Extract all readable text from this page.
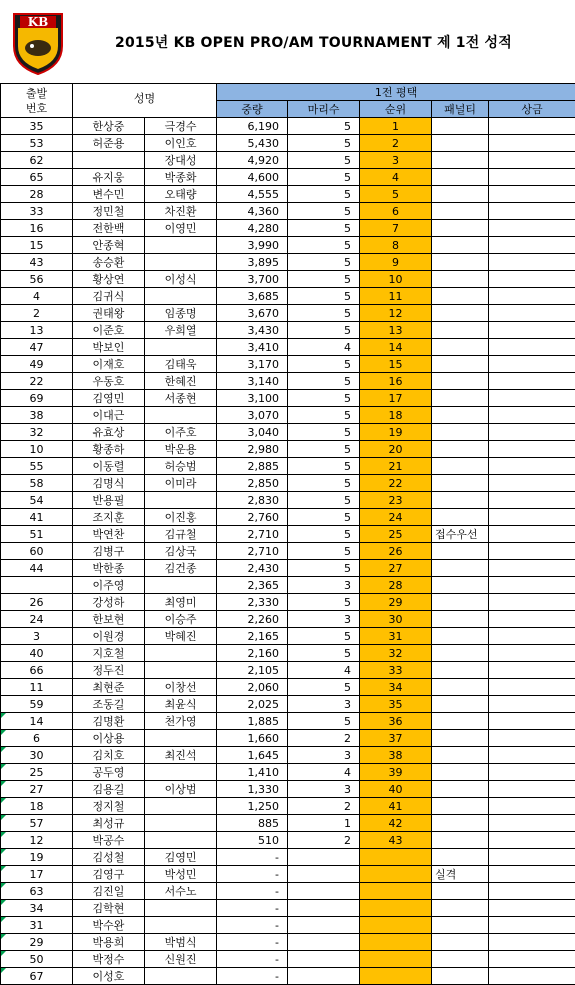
KB
2015년 KB OPEN PRO/AM TOURNAMENT 제 1전 성적
출발
번호	성명		1전 평택				
			중량	마리수	순위	패널티	상금
35	한상중	극경수	6,190	5	1		
53	허준용	이인호	5,430	5	2		
62		장대성	4,920	5	3		
65	유지웅	박종화	4,600	5	4		
28	변수민	오태량	4,555	5	5		
33	정민철	차진환	4,360	5	6		
16	전한백	이영민	4,280	5	7		
15	안종혁		3,990	5	8		
43	송승환		3,895	5	9		
56	황상연	이성식	3,700	5	10		
4	김귀식		3,685	5	11		
2	권태왕	임종명	3,670	5	12		
13	이준호	우희열	3,430	5	13		
47	박보인		3,410	4	14		
49	이재호	김태욱	3,170	5	15		
22	우동호	한혜진	3,140	5	16		
69	김영민	서종현	3,100	5	17		
38	이대근		3,070	5	18		
32	유효상	이주호	3,040	5	19		
10	황종하	박운용	2,980	5	20		
55	이동렬	허승범	2,885	5	21		
58	김명식	이미라	2,850	5	22		
54	반용필		2,830	5	23		
41	조지훈	이진홍	2,760	5	24		
51	박연찬	김규철	2,710	5	25	접수우선	
60	김병구	김상국	2,710	5	26		
44	박한종	김건종	2,430	5	27		
	이주영		2,365	3	28		
26	강성하	최영미	2,330	5	29		
24	한보현	이승주	2,260	3	30		
3	이원경	박혜진	2,165	5	31		
40	지호철		2,160	5	32		
66	정두진		2,105	4	33		
11	최현준	이창선	2,060	5	34		
59	조동길	최윤식	2,025	3	35		
14	김명환	천가영	1,885	5	36		
6	이상용		1,660	2	37		
30	김치호	최진석	1,645	3	38		
25	공두영		1,410	4	39		
27	김용길	이상범	1,330	3	40		
18	정지철		1,250	2	41		
57	최성규		885	1	42		
12	박공수		510	2	43		
19	김성철	김영민	-				
17	김영구	박성민	-			실격	
63	김진일	서수노	-				
34	김학현		-				
31	박수완		-				
29	박용희	박범식	-				
50	박정수	신원진	-				
67	이성호		-				
